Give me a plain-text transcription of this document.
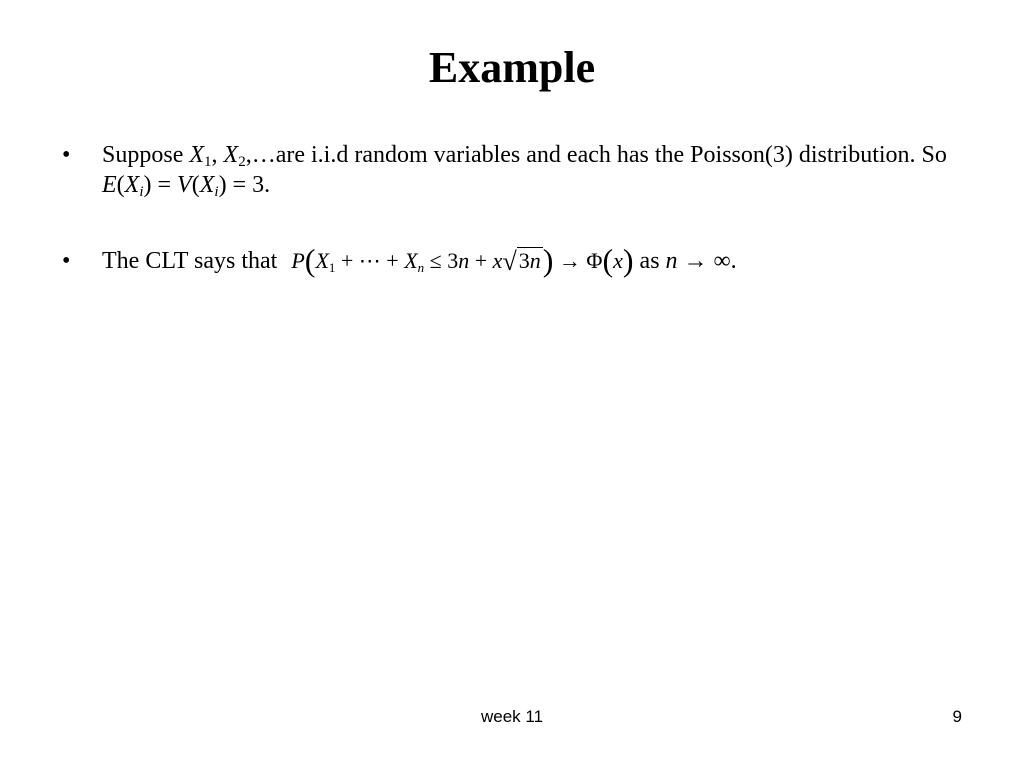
Example
• Suppose $X_1$, $X_2,\dots are$ i.i.d random variables and each has the Poisson(3) distribution. So $E(X_i) = V(X_i) = 3$.
• The CLT says that $P(X_1$ + ⋯ + $X_n \le 3n + x√3n) \to \Phi(x)$ as n → ∞.
week 11	9
